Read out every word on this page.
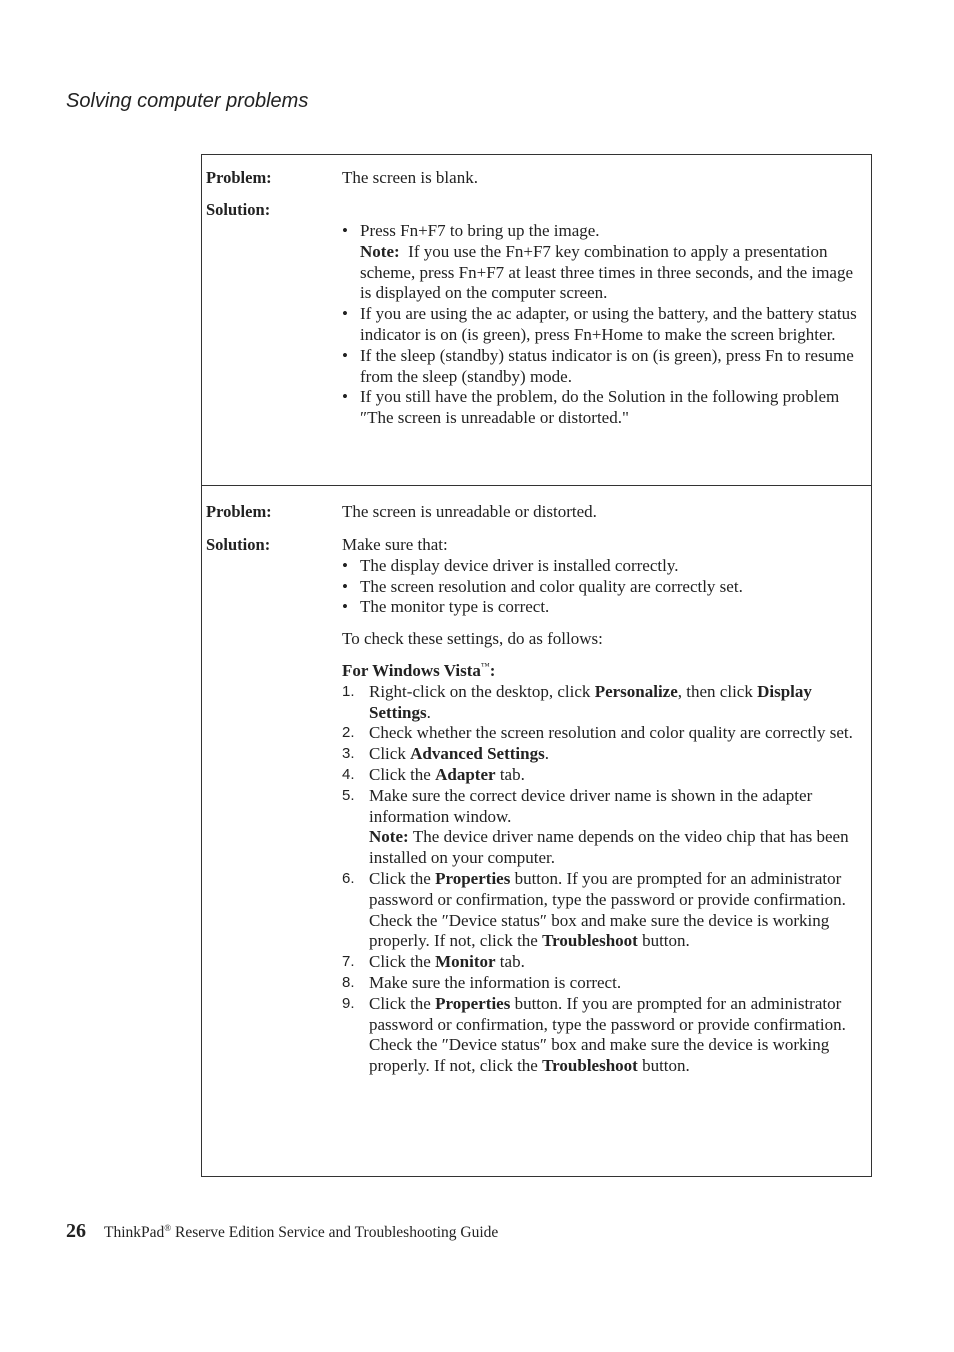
Solving computer problems
Problem:	The screen is blank.
Solution:
• Press Fn+F7 to bring up the image.
Note: If you use the Fn+F7 key combination to apply a presentation scheme, press Fn+F7 at least three times in three seconds, and the image is displayed on the computer screen.
• If you are using the ac adapter, or using the battery, and the battery status indicator is on (is green), press Fn+Home to make the screen brighter.
• If the sleep (standby) status indicator is on (is green), press Fn to resume from the sleep (standby) mode.
• If you still have the problem, do the Solution in the following problem ″The screen is unreadable or distorted."
Problem:	The screen is unreadable or distorted.
Solution:	Make sure that:
• The display device driver is installed correctly.
• The screen resolution and color quality are correctly set.
• The monitor type is correct.
To check these settings, do as follows:
For Windows Vista™:
1. Right-click on the desktop, click Personalize, then click Display Settings.
2. Check whether the screen resolution and color quality are correctly set.
3. Click Advanced Settings.
4. Click the Adapter tab.
5. Make sure the correct device driver name is shown in the adapter information window.
Note: The device driver name depends on the video chip that has been installed on your computer.
6. Click the Properties button. If you are prompted for an administrator password or confirmation, type the password or provide confirmation. Check the ″Device status″ box and make sure the device is working properly. If not, click the Troubleshoot button.
7. Click the Monitor tab.
8. Make sure the information is correct.
9. Click the Properties button. If you are prompted for an administrator password or confirmation, type the password or provide confirmation. Check the ″Device status″ box and make sure the device is working properly. If not, click the Troubleshoot button.
26 ThinkPad® Reserve Edition Service and Troubleshooting Guide
